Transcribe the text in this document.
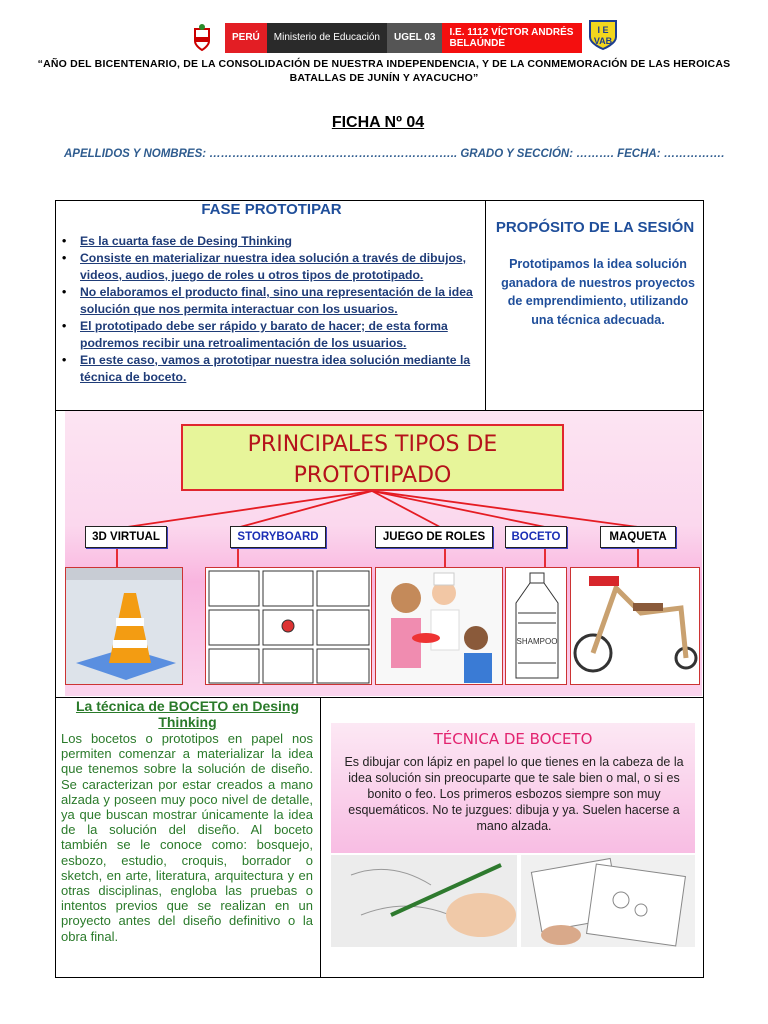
PERÚ	Ministerio de Educación	UGEL 03	I.E. 1112 VÍCTOR ANDRÉS BELAÚNDE
I E
VAB
“AÑO DEL BICENTENARIO, DE LA CONSOLIDACIÓN DE NUESTRA INDEPENDENCIA, Y DE LA CONMEMORACIÓN DE LAS HEROICAS BATALLAS DE JUNÍN Y AYACUCHO”
FICHA Nº 04
APELLIDOS Y NOMBRES: ……………………………………………………….. GRADO Y SECCIÓN: ………. FECHA: …………….
FASE PROTOTIPAR
• Es la cuarta fase de Desing Thinking
• Consiste en materializar nuestra idea solución a través de dibujos, videos, audios, juego de roles u otros tipos de prototipado.
• No elaboramos el producto final, sino una representación de la idea solución que nos permita interactuar con los usuarios.
• El prototipado debe ser rápido y barato de hacer; de esta forma podremos recibir una retroalimentación de los usuarios.
• En este caso, vamos a prototipar nuestra idea solución mediante la técnica de boceto.
PROPÓSITO DE LA SESIÓN
Prototipamos la idea solución ganadora de nuestros proyectos de emprendimiento, utilizando una técnica adecuada.
PRINCIPALES TIPOS DE PROTOTIPADO
3D VIRTUAL	STORYBOARD	JUEGO DE ROLES	BOCETO	MAQUETA
SHAMPOO
La técnica de BOCETO en Desing Thinking
Los bocetos o prototipos en papel nos permiten comenzar a materializar la idea que tenemos sobre la solución de diseño. Se caracterizan por estar creados a mano alzada y poseen muy poco nivel de detalle, ya que buscan mostrar únicamente la idea de la solución del diseño. Al boceto también se le conoce como: bosquejo, esbozo, estudio, croquis, borrador o sketch, en arte, literatura, arquitectura y en otras disciplinas, engloba las pruebas o intentos previos que se realizan en un proyecto antes del diseño definitivo o la obra final.
TÉCNICA DE BOCETO
Es dibujar con lápiz en papel lo que tienes en la cabeza de la idea solución sin preocuparte que te sale bien o mal, o si es bonito o feo. Los primeros esbozos siempre son muy esquemáticos. No te juzgues: dibuja y ya. Suelen hacerse a mano alzada.
